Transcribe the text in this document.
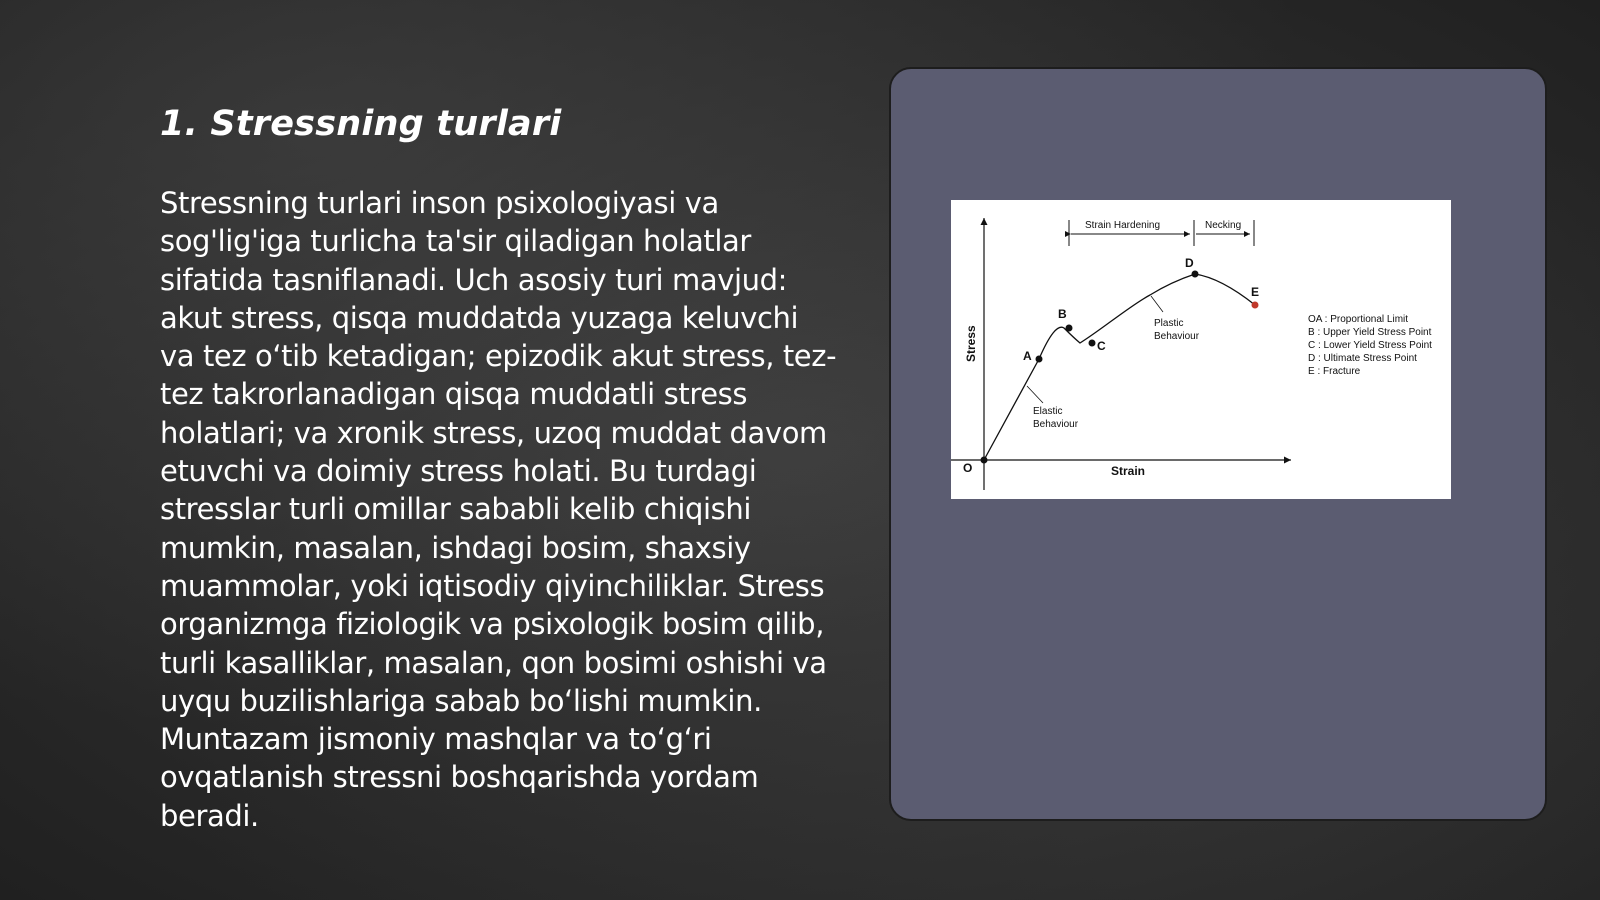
1. Stressning turlari

Stressning turlari inson psixologiyasi va sog'lig'iga turlicha ta'sir qiladigan holatlar sifatida tasniflanadi. Uch asosiy turi mavjud: akut stress, qisqa muddatda yuzaga keluvchi va tez o‘tib ketadigan; epizodik akut stress, tez-tez takrorlanadigan qisqa muddatli stress holatlari; va xronik stress, uzoq muddat davom etuvchi va doimiy stress holati. Bu turdagi stresslar turli omillar sababli kelib chiqishi mumkin, masalan, ishdagi bosim, shaxsiy muammolar, yoki iqtisodiy qiyinchiliklar. Stress organizmga fiziologik va psixologik bosim qilib, turli kasalliklar, masalan, qon bosimi oshishi va uyqu buzilishlariga sabab bo‘lishi mumkin. Muntazam jismoniy mashqlar va to‘g‘ri ovqatlanish stressni boshqarishda yordam beradi.

O
A
B
C
D
E
Stress
Strain
Strain Hardening	Necking
Plastic
Behaviour
Elastic
Behaviour
OA : Proportional Limit
B : Upper Yield Stress Point
C : Lower Yield Stress Point
D : Ultimate Stress Point
E : Fracture
